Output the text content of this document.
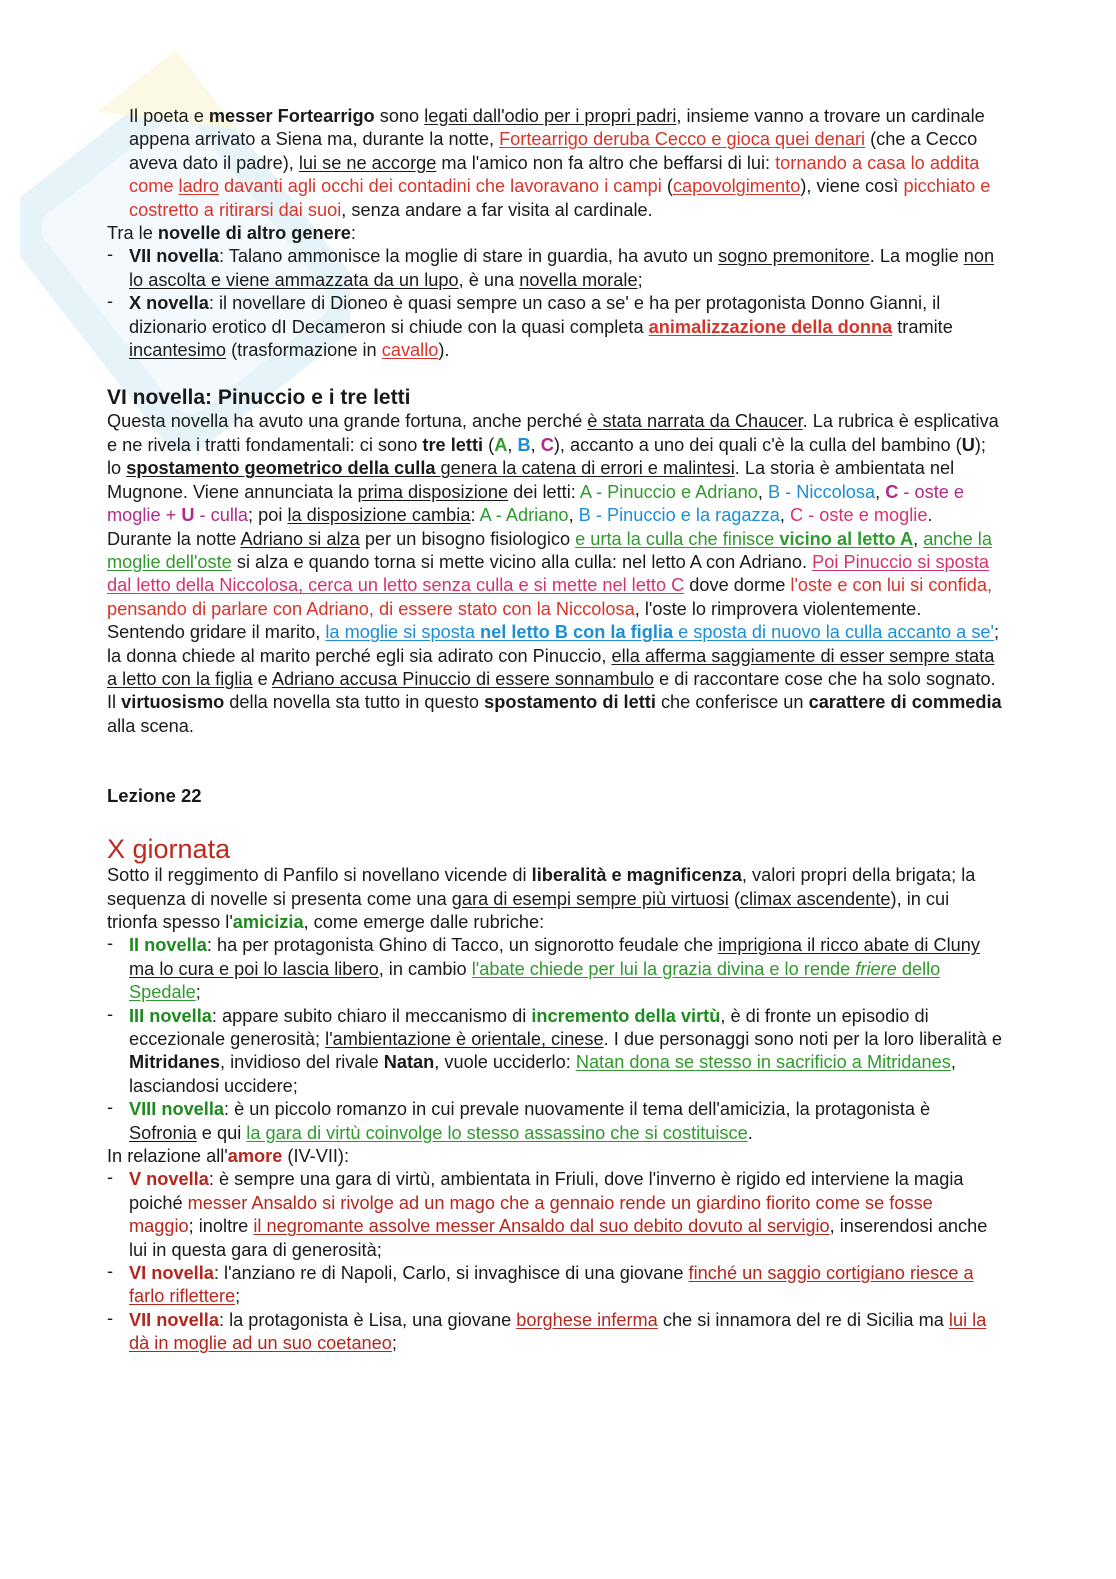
Il poeta e messer Fortearrigo sono legati dall'odio per i propri padri, insieme vanno a trovare un cardinale appena arrivato a Siena ma, durante la notte, Fortearrigo deruba Cecco e gioca quei denari (che a Cecco aveva dato il padre), lui se ne accorge ma l'amico non fa altro che beffarsi di lui: tornando a casa lo addita come ladro davanti agli occhi dei contadini che lavoravano i campi (capovolgimento), viene così picchiato e costretto a ritirarsi dai suoi, senza andare a far visita al cardinale.

Tra le novelle di altro genere:

- VII novella: Talano ammonisce la moglie di stare in guardia, ha avuto un sogno premonitore. La moglie non lo ascolta e viene ammazzata da un lupo, è una novella morale;
- X novella: il novellare di Dioneo è quasi sempre un caso a se' e ha per protagonista Donno Gianni, il dizionario erotico dI Decameron si chiude con la quasi completa animalizzazione della donna tramite incantesimo (trasformazione in cavallo).
VI novella: Pinuccio e i tre letti

Questa novella ha avuto una grande fortuna, anche perché è stata narrata da Chaucer. La rubrica è esplicativa e ne rivela i tratti fondamentali: ci sono tre letti (A, B, C), accanto a uno dei quali c'è la culla del bambino (U); lo spostamento geometrico della culla genera la catena di errori e malintesi. La storia è ambientata nel Mugnone. Viene annunciata la prima disposizione dei letti: A - Pinuccio e Adriano, B - Niccolosa, C - oste e moglie + U - culla; poi la disposizione cambia: A - Adriano, B - Pinuccio e la ragazza, C - oste e moglie. Durante la notte Adriano si alza per un bisogno fisiologico e urta la culla che finisce vicino al letto A, anche la moglie dell'oste si alza e quando torna si mette vicino alla culla: nel letto A con Adriano. Poi Pinuccio si sposta dal letto della Niccolosa, cerca un letto senza culla e si mette nel letto C dove dorme l'oste e con lui si confida, pensando di parlare con Adriano, di essere stato con la Niccolosa, l'oste lo rimprovera violentemente. Sentendo gridare il marito, la moglie si sposta nel letto B con la figlia e sposta di nuovo la culla accanto a se'; la donna chiede al marito perché egli sia adirato con Pinuccio, ella afferma saggiamente di esser sempre stata a letto con la figlia e Adriano accusa Pinuccio di essere sonnambulo e di raccontare cose che ha solo sognato. Il virtuosismo della novella sta tutto in questo spostamento di letti che conferisce un carattere di commedia alla scena.

Lezione 22
X giornata

Sotto il reggimento di Panfilo si novellano vicende di liberalità e magnificenza, valori propri della brigata; la sequenza di novelle si presenta come una gara di esempi sempre più virtuosi (climax ascendente), in cui trionfa spesso l'amicizia, come emerge dalle rubriche:

- II novella: ha per protagonista Ghino di Tacco, un signorotto feudale che imprigiona il ricco abate di Cluny ma lo cura e poi lo lascia libero, in cambio l'abate chiede per lui la grazia divina e lo rende friere dello Spedale;
- III novella: appare subito chiaro il meccanismo di incremento della virtù, è di fronte un episodio di eccezionale generosità; l'ambientazione è orientale, cinese. I due personaggi sono noti per la loro liberalità e Mitridanes, invidioso del rivale Natan, vuole ucciderlo: Natan dona se stesso in sacrificio a Mitridanes, lasciandosi uccidere;
- VIII novella: è un piccolo romanzo in cui prevale nuovamente il tema dell'amicizia, la protagonista è Sofronia e qui la gara di virtù coinvolge lo stesso assassino che si costituisce.

In relazione all'amore (IV-VII):

- V novella: è sempre una gara di virtù, ambientata in Friuli, dove l'inverno è rigido ed interviene la magia poiché messer Ansaldo si rivolge ad un mago che a gennaio rende un giardino fiorito come se fosse maggio; inoltre il negromante assolve messer Ansaldo dal suo debito dovuto al servigio, inserendosi anche lui in questa gara di generosità;
- VI novella: l'anziano re di Napoli, Carlo, si invaghisce di una giovane finché un saggio cortigiano riesce a farlo riflettere;
- VII novella: la protagonista è Lisa, una giovane borghese inferma che si innamora del re di Sicilia ma lui la dà in moglie ad un suo coetaneo;
